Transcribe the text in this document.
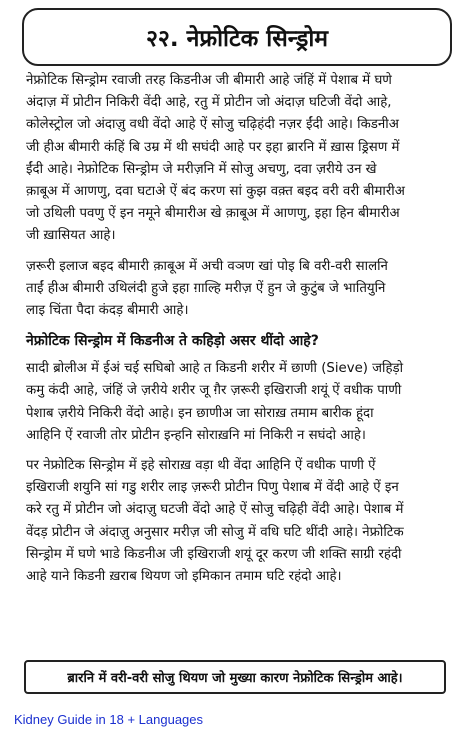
२२. नेफ्रोटिक सिन्ड्रोम
नेफ्रोटिक सिन्ड्रोम रवाजी तरह किडनीअ जी बीमारी आहे जंहिं में पेशाब में घणे
अंदाज़ में प्रोटीन निकिरी वेंदी आहे, रतु में प्रोटीन जो अंदाज़ घटिजी वेंदो आहे,
कोलेस्ट्रोल जो अंदाज़ु वधी वेंदो आहे ऐं सोजु चढ़िहंदी नज़र ईंदी आहे। किडनीअ
जी हीअ बीमारी कंहिं बि उम्र में थी सघंदी आहे पर इहा ब्रारनि में ख़ास ड्रिसण में
ईंदी आहे। नेफ्रोटिक सिन्ड्रोम जे मरीज़नि में सोजु अचणु, दवा ज़रीये उन खे
क़ाबूअ में आणणु, दवा घटाअे ऐं बंद करण सां कुझ वक़्त बइद वरी वरी बीमारीअ
जो उथिली पवणु ऐं इन नमूने बीमारीअ खे क़ाबूअ में आणणु, इहा हिन बीमारीअ
जी ख़ासियत आहे।
ज़रूरी इलाज बइद बीमारी क़ाबूअ में अची वञण खां पोइ बि वरी-वरी सालनि
ताईं हीअ बीमारी उथिलंदी हुजे इहा ग़ाल्हि मरीज़ ऐं हुन जे कुटुंब जे भातियुनि
लाइ चिंता पैदा कंदड़ बीमारी आहे।
नेफ्रोटिक सिन्ड्रोम में किडनीअ ते कहिड़ो असर थींदो आहे?
सादी ब्रोलीअ में ईअं चई सघिबो आहे त किडनी शरीर में छाणी (Sieve) जहिड़ो
कमु कंदी आहे, जंहिं जे ज़रीये शरीर जू ग़ैर ज़रूरी इखिराजी शयूं ऐं वधीक पाणी
पेशाब ज़रीये निकिरी वेंदो आहे। इन छाणीअ जा सोराख़ तमाम बारीक हूंदा
आहिनि ऐं रवाजी तोर प्रोटीन इन्हनि सोराख़नि मां निकिरी न सघंदो आहे।
पर नेफ्रोटिक सिन्ड्रोम में इहे सोराख़ वड़ा थी वेंदा आहिनि ऐं वधीक पाणी ऐं
इखिराजी शयुनि सां गडु शरीर लाइ ज़रूरी प्रोटीन पिणु पेशाब में वेंदी आहे ऐं इन
करे रतु में प्रोटीन जो अंदाज़ु घटजी वेंदो आहे ऐं सोजु चढ़िही वेंदी आहे। पेशाब में
वेंदड़ प्रोटीन जे अंदाज़ु अनुसार मरीज़ जी सोजु में वधि घटि थींदी आहे। नेफ्रोटिक
सिन्ड्रोम में घणे भाडे किडनीअ जी इखिराजी शयूं दूर करण जी शक्ति साग्री रहंदी
आहे याने किडनी ख़राब थियण जो इमिकान तमाम घटि रहंदो आहे।
ब्रारनि में वरी-वरी सोजु थियण जो मुख्या कारण नेफ्रोटिक सिन्ड्रोम आहे।
Kidney Guide in 18 + Languages
